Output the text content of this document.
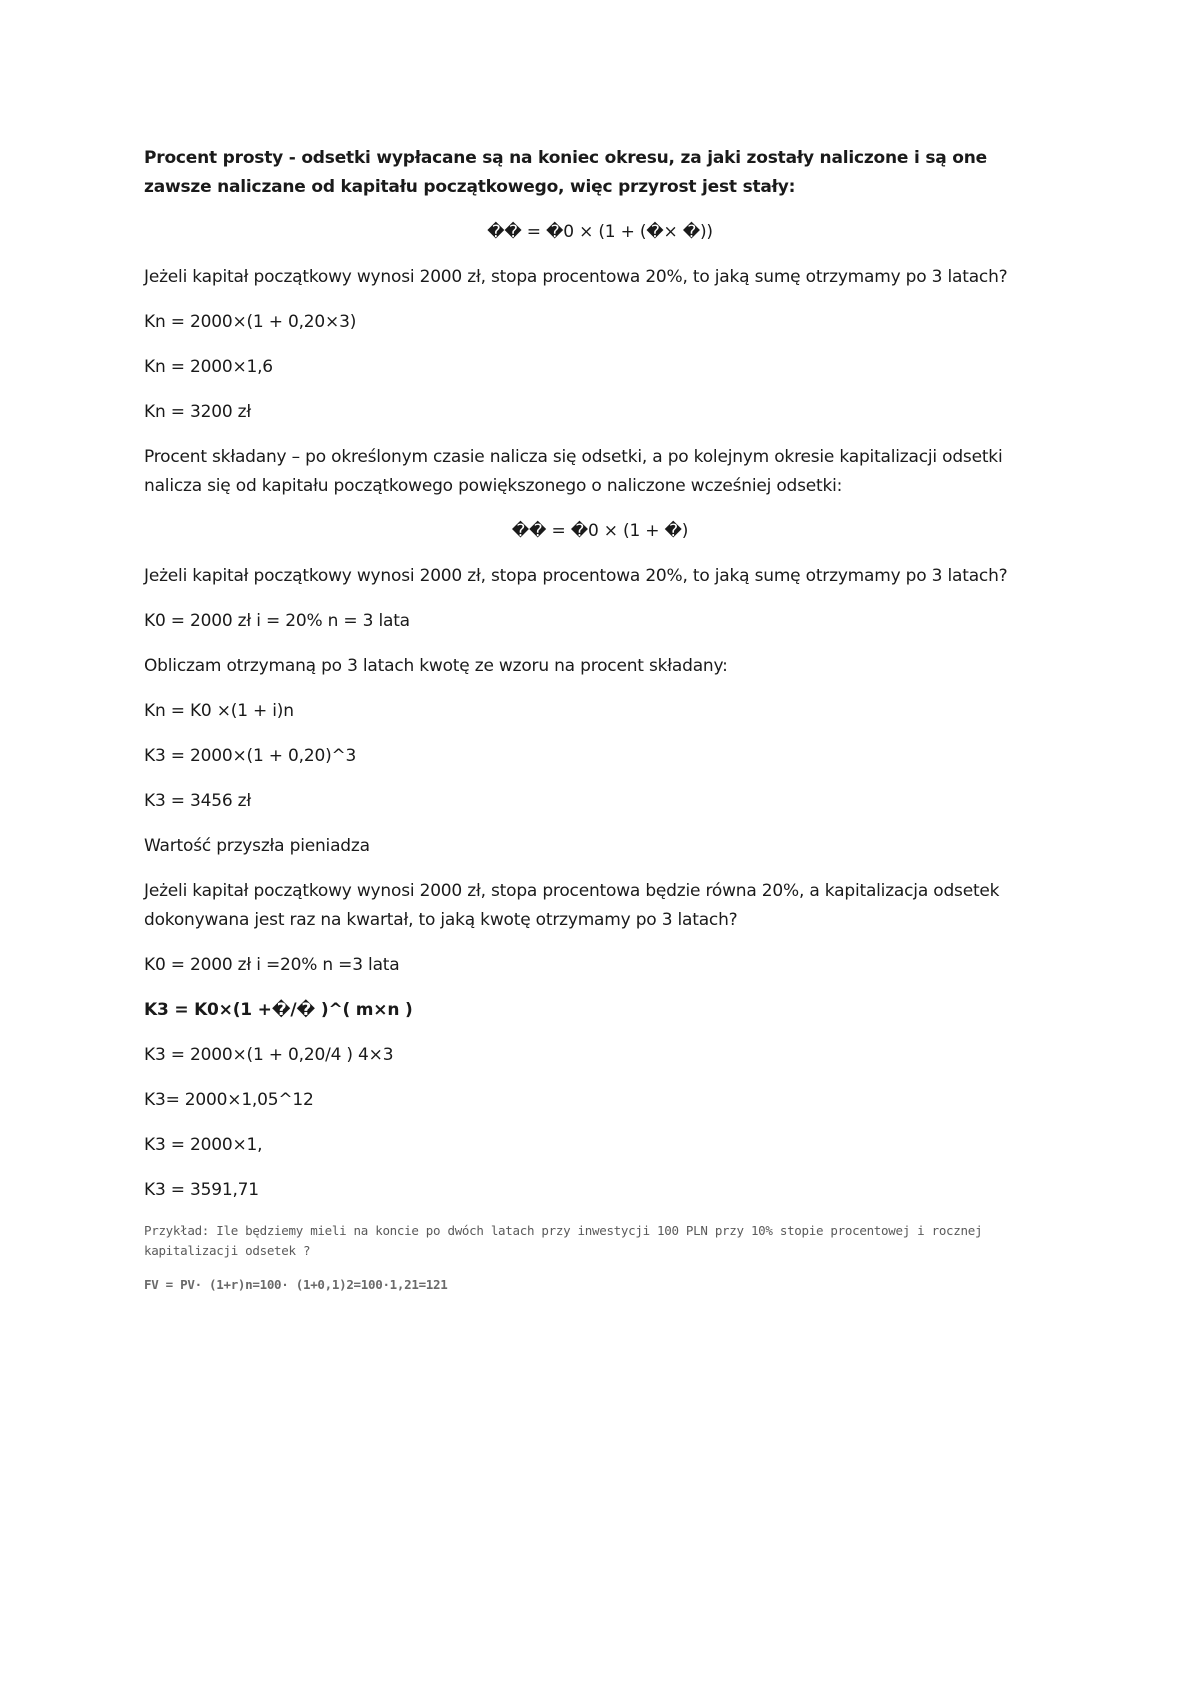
Procent prosty - odsetki wypłacane są na koniec okresu, za jaki zostały naliczone i są one zawsze naliczane od kapitału początkowego, więc przyrost jest stały:

�� = �0 × (1 + (�× �))

Jeżeli kapitał początkowy wynosi 2000 zł, stopa procentowa 20%, to jaką sumę otrzymamy po 3 latach?

Kn = 2000×(1 + 0,20×3)

Kn = 2000×1,6

Kn = 3200 zł

Procent składany – po określonym czasie nalicza się odsetki, a po kolejnym okresie kapitalizacji odsetki nalicza się od kapitału początkowego powiększonego o naliczone wcześniej odsetki:

�� = �0 × (1 + �)

Jeżeli kapitał początkowy wynosi 2000 zł, stopa procentowa 20%, to jaką sumę otrzymamy po 3 latach?

K0 = 2000 zł i = 20% n = 3 lata

Obliczam otrzymaną po 3 latach kwotę ze wzoru na procent składany:

Kn = K0 ×(1 + i)n

K3 = 2000×(1 + 0,20)^3

K3 = 3456 zł

Wartość przyszła pieniadza

Jeżeli kapitał początkowy wynosi 2000 zł, stopa procentowa będzie równa 20%, a kapitalizacja odsetek dokonywana jest raz na kwartał, to jaką kwotę otrzymamy po 3 latach?

K0 = 2000 zł i =20% n =3 lata

K3 = K0×(1 +�/� )^( m×n )

K3 = 2000×(1 + 0,20/4 ) 4×3

K3= 2000×1,05^12

K3 = 2000×1,

K3 = 3591,71

Przykład: Ile będziemy mieli na koncie po dwóch latach przy inwestycji 100 PLN przy 10% stopie procentowej i rocznej kapitalizacji odsetek ?

FV = PV· (1+r)n=100· (1+0,1)2=100·1,21=121
